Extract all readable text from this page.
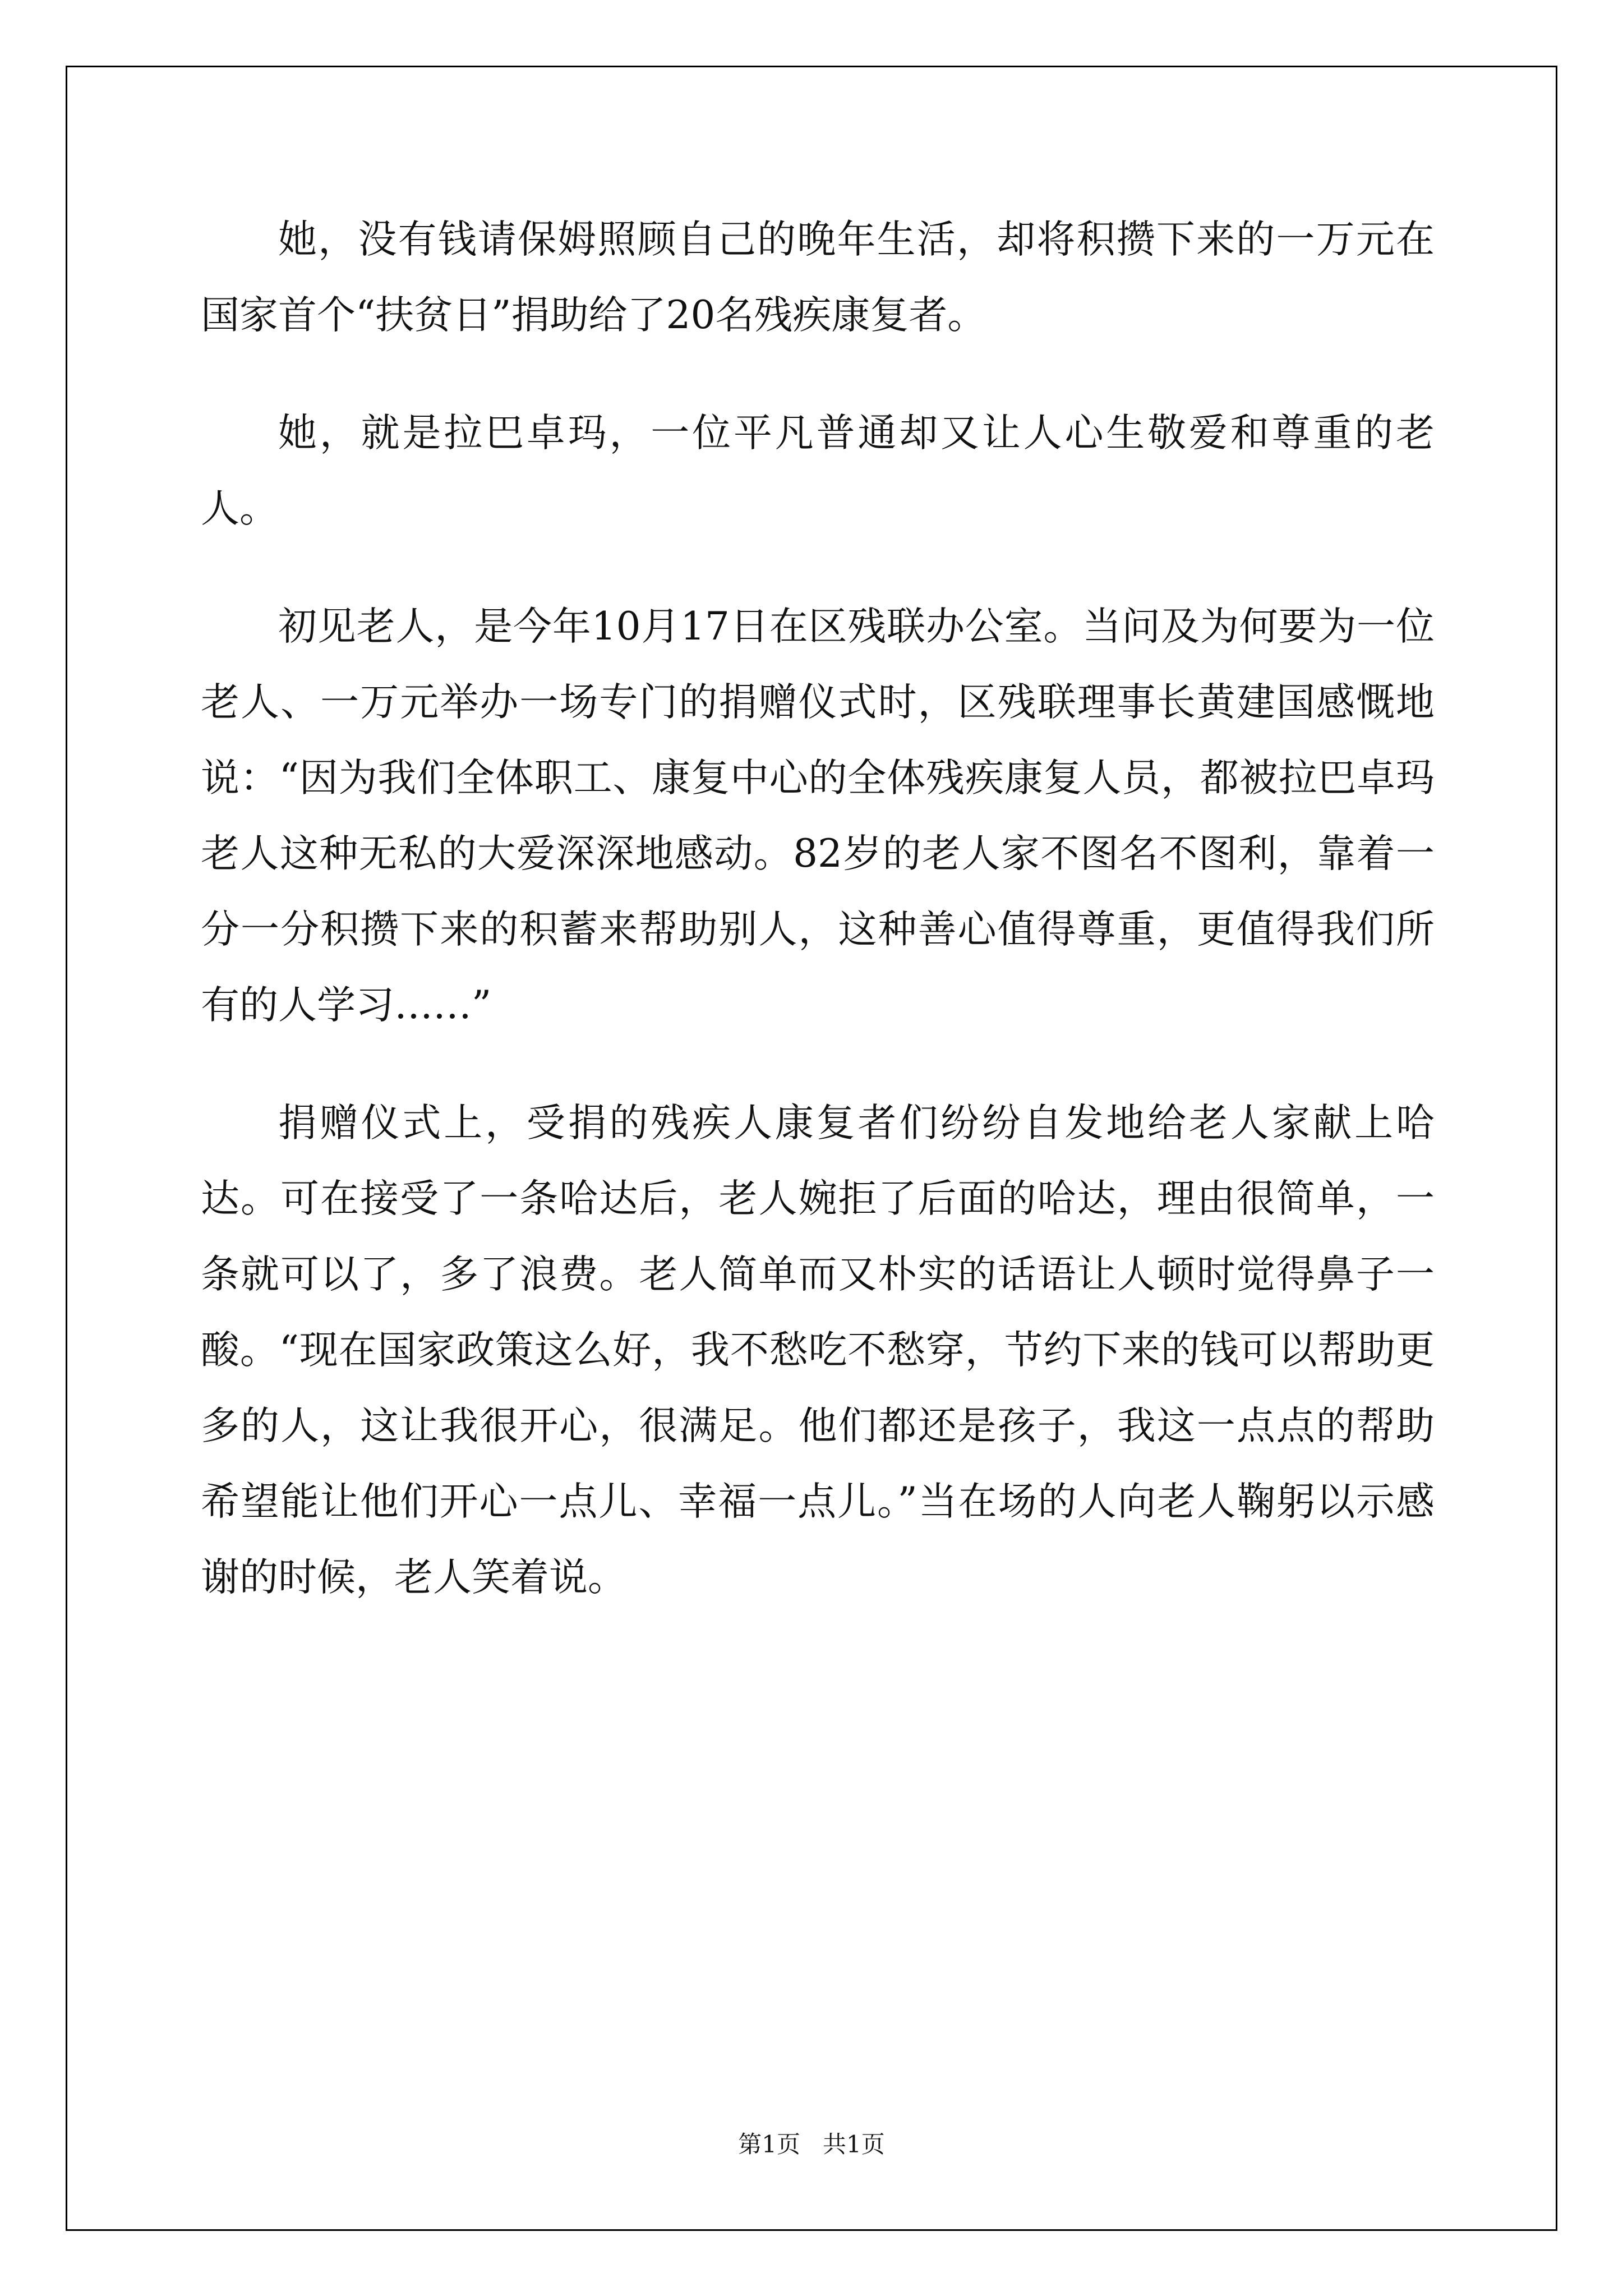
她，没有钱请保姆照顾自己的晚年生活，却将积攒下来的一万元在国家首个“扶贫日”捐助给了20名残疾康复者。

她，就是拉巴卓玛，一位平凡普通却又让人心生敬爱和尊重的老人。

初见老人，是今年10月17日在区残联办公室。当问及为何要为一位老人、一万元举办一场专门的捐赠仪式时，区残联理事长黄建国感慨地说：“因为我们全体职工、康复中心的全体残疾康复人员，都被拉巴卓玛老人这种无私的大爱深深地感动。82岁的老人家不图名不图利，靠着一分一分积攒下来的积蓄来帮助别人，这种善心值得尊重，更值得我们所有的人学习……”

捐赠仪式上，受捐的残疾人康复者们纷纷自发地给老人家献上哈达。可在接受了一条哈达后，老人婉拒了后面的哈达，理由很简单，一条就可以了，多了浪费。老人简单而又朴实的话语让人顿时觉得鼻子一酸。“现在国家政策这么好，我不愁吃不愁穿，节约下来的钱可以帮助更多的人，这让我很开心，很满足。他们都还是孩子，我这一点点的帮助希望能让他们开心一点儿、幸福一点儿。”当在场的人向老人鞠躬以示感谢的时候，老人笑着说。

第1页   共1页
